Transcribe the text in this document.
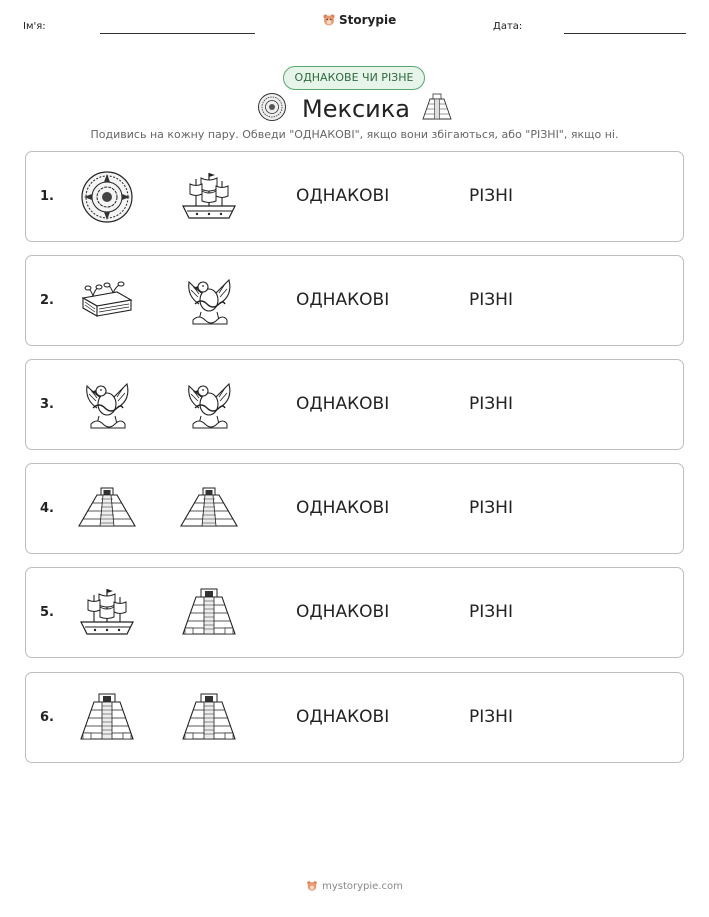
Ім'я:	Storypie	Дата:
ОДНАКОВЕ ЧИ РІЗНЕ
Мексика
Подивись на кожну пару. Обведи "ОДНАКОВІ", якщо вони збігаються, або "РІЗНІ", якщо ні.
1.	ОДНАКОВІ	РІЗНІ
2.	ОДНАКОВІ	РІЗНІ
3.	ОДНАКОВІ	РІЗНІ
4.	ОДНАКОВІ	РІЗНІ
5.	ОДНАКОВІ	РІЗНІ
6.	ОДНАКОВІ	РІЗНІ
mystorypie.com
